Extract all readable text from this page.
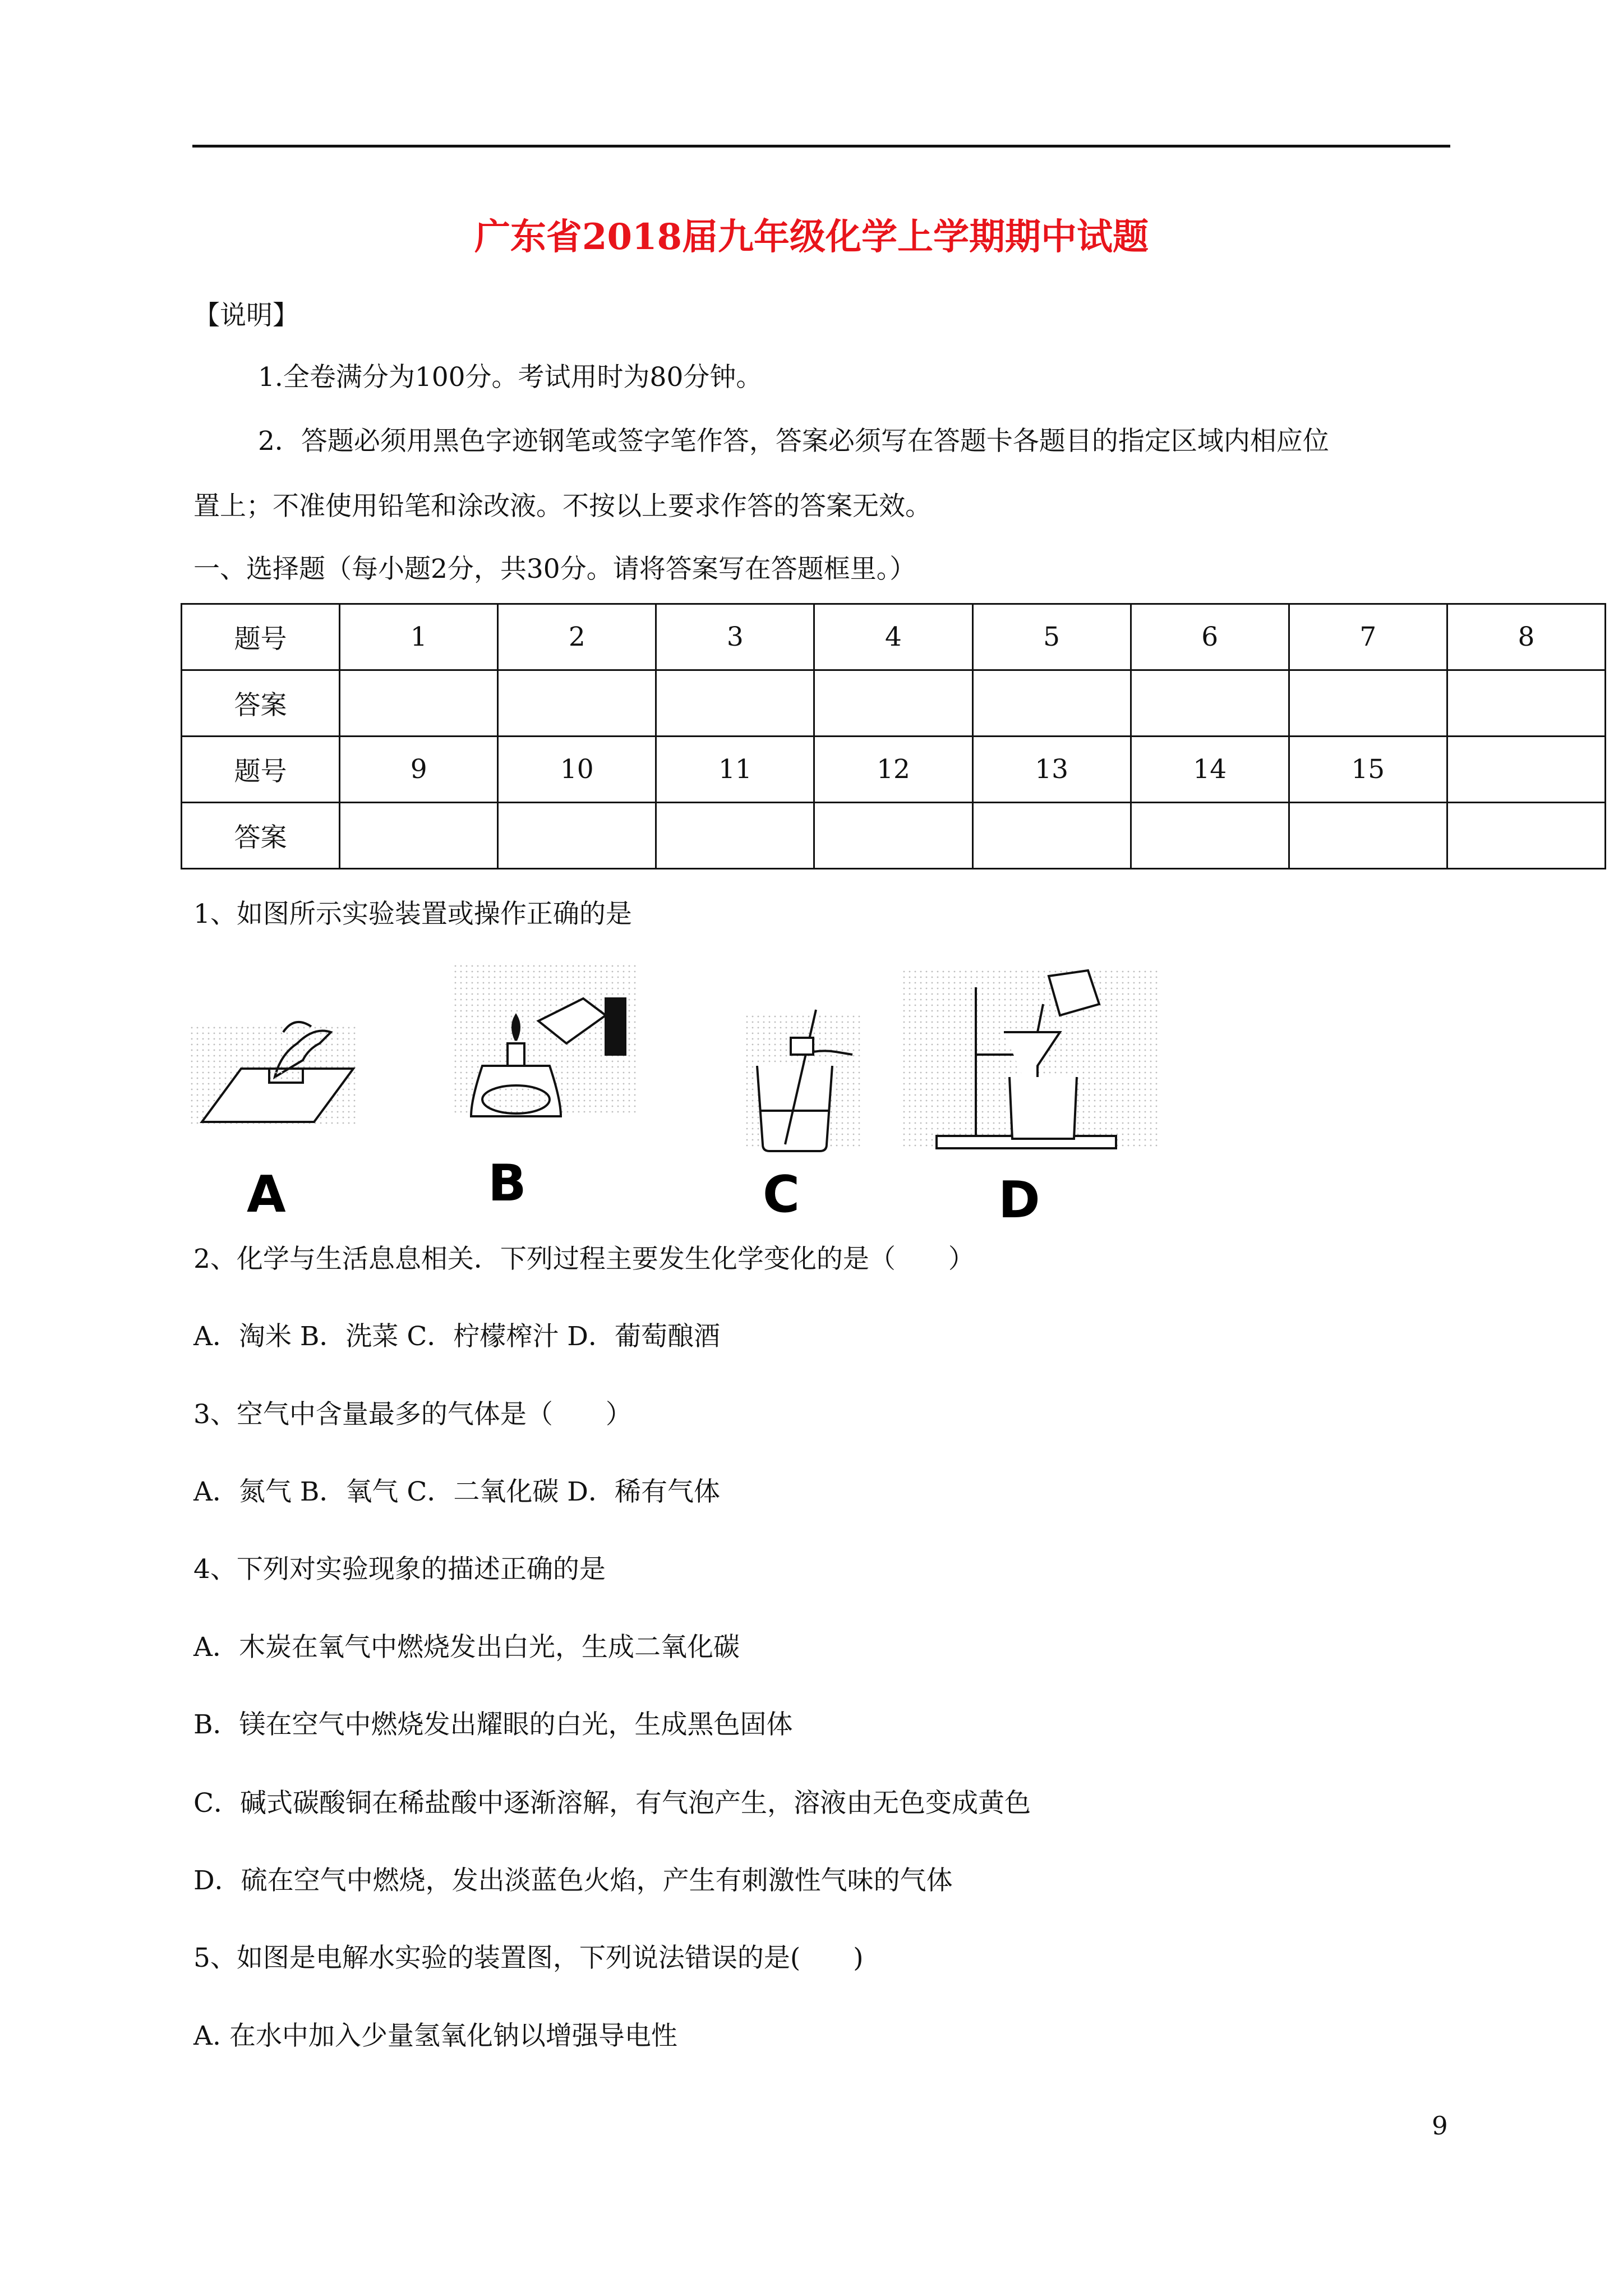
广东省2018届九年级化学上学期期中试题
【说明】
1.全卷满分为100分。考试用时为80分钟。
2．答题必须用黑色字迹钢笔或签字笔作答，答案必须写在答题卡各题目的指定区域内相应位
置上；不准使用铅笔和涂改液。不按以上要求作答的答案无效。
一、选择题（每小题2分，共30分。请将答案写在答题框里。）
题号	1	2	3	4	5	6	7	8
答案								
题号	9	10	11	12	13	14	15	
答案								
1、如图所示实验装置或操作正确的是
A	B	C	D
2、化学与生活息息相关．下列过程主要发生化学变化的是（　　）
A．淘米 B．洗菜 C．柠檬榨汁 D．葡萄酿酒
3、空气中含量最多的气体是（　　）
A．氮气 B．氧气 C．二氧化碳 D．稀有气体
4、下列对实验现象的描述正确的是
A．木炭在氧气中燃烧发出白光，生成二氧化碳
B．镁在空气中燃烧发出耀眼的白光，生成黑色固体
C．碱式碳酸铜在稀盐酸中逐渐溶解，有气泡产生，溶液由无色变成黄色
D．硫在空气中燃烧，发出淡蓝色火焰，产生有刺激性气味的气体
5、如图是电解水实验的装置图，下列说法错误的是(　　)
A. 在水中加入少量氢氧化钠以增强导电性
9
